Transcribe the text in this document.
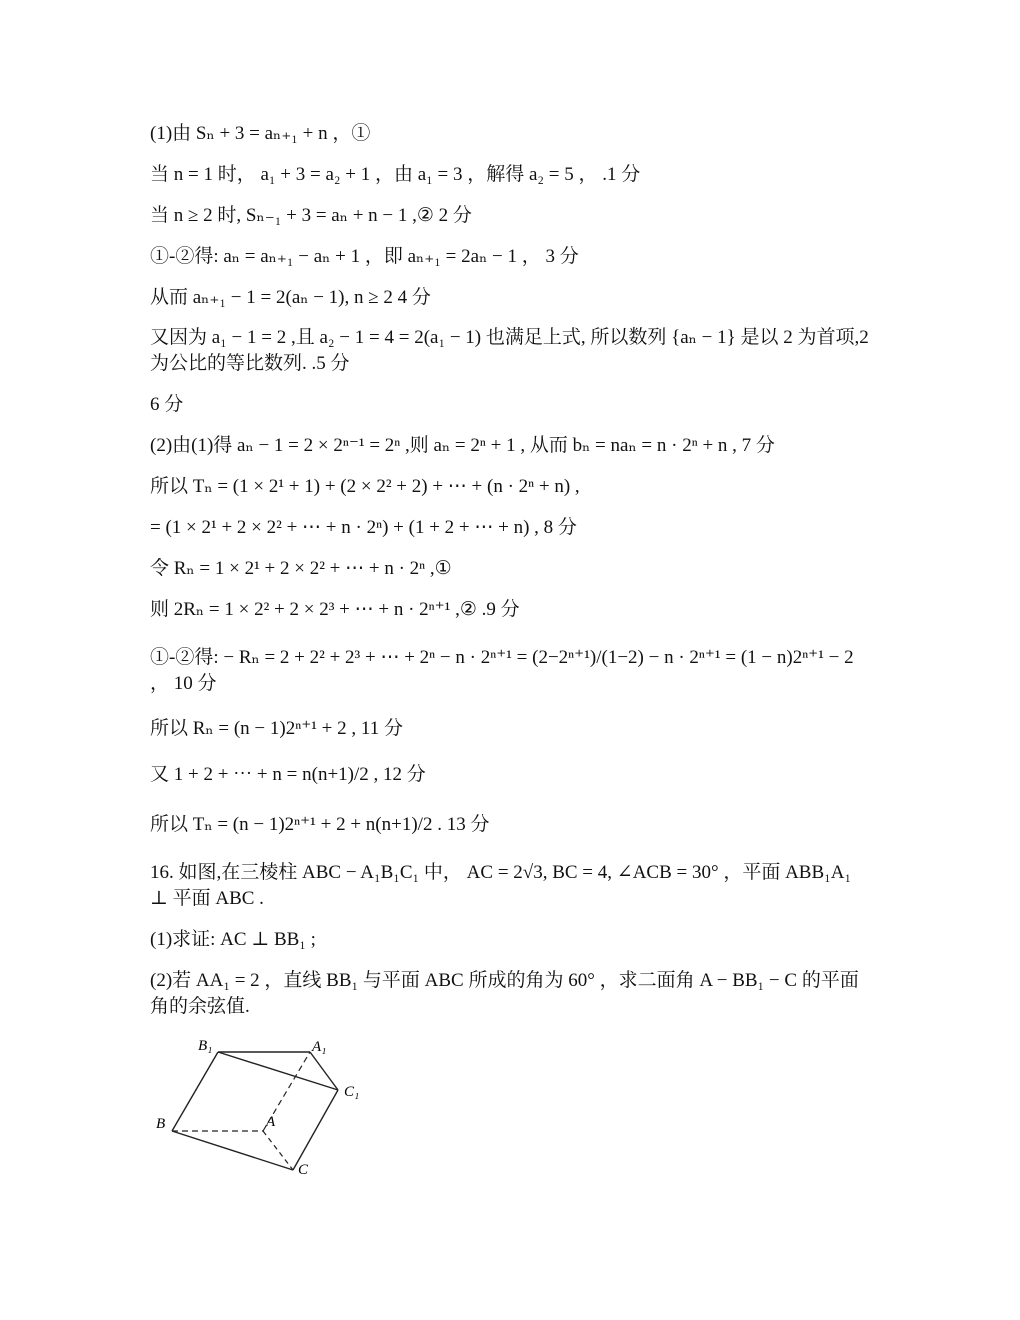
(1)由 Sₙ + 3 = aₙ₊₁ + n ，①
当 n = 1 时， a₁ + 3 = a₂ + 1 ，由 a₁ = 3 ，解得 a₂ = 5 ， .1 分
当 n ≥ 2 时, Sₙ₋₁ + 3 = aₙ + n − 1 ,② 2 分
①-②得: aₙ = aₙ₊₁ − aₙ + 1 ，即 aₙ₊₁ = 2aₙ − 1 ， 3 分
从而 aₙ₊₁ − 1 = 2(aₙ − 1), n ≥ 2 4 分
又因为 a₁ − 1 = 2 ,且 a₂ − 1 = 4 = 2(a₁ − 1) 也满足上式, 所以数列 {aₙ − 1} 是以 2 为首项,2 为公比的等比数列. .5 分
6 分
(2)由(1)得 aₙ − 1 = 2 × 2ⁿ⁻¹ = 2ⁿ ,则 aₙ = 2ⁿ + 1 , 从而 bₙ = naₙ = n · 2ⁿ + n , 7 分
所以 Tₙ = (1 × 2¹ + 1) + (2 × 2² + 2) + ⋯ + (n · 2ⁿ + n) ,
= (1 × 2¹ + 2 × 2² + ⋯ + n · 2ⁿ) + (1 + 2 + ⋯ + n) , 8 分
令 Rₙ = 1 × 2¹ + 2 × 2² + ⋯ + n · 2ⁿ ,①
则 2Rₙ = 1 × 2² + 2 × 2³ + ⋯ + n · 2ⁿ⁺¹ ,② .9 分
①-②得: − Rₙ = 2 + 2² + 2³ + ⋯ + 2ⁿ − n · 2ⁿ⁺¹ = (2−2ⁿ⁺¹)/(1−2) − n · 2ⁿ⁺¹ = (1 − n)2ⁿ⁺¹ − 2 ， 10 分
所以 Rₙ = (n − 1)2ⁿ⁺¹ + 2 , 11 分
又 1 + 2 + ⋯ + n = n(n+1)/2 , 12 分
所以 Tₙ = (n − 1)2ⁿ⁺¹ + 2 + n(n+1)/2 . 13 分
16. 如图,在三棱柱 ABC − A₁B₁C₁ 中， AC = 2√3, BC = 4, ∠ACB = 30° ，平面 ABB₁A₁ ⊥ 平面 ABC .
(1)求证: AC ⊥ BB₁ ;
(2)若 AA₁ = 2 ，直线 BB₁ 与平面 ABC 所成的角为 60° ，求二面角 A − BB₁ − C 的平面角的余弦值.
B₁	A₁
C₁
B	A
C
